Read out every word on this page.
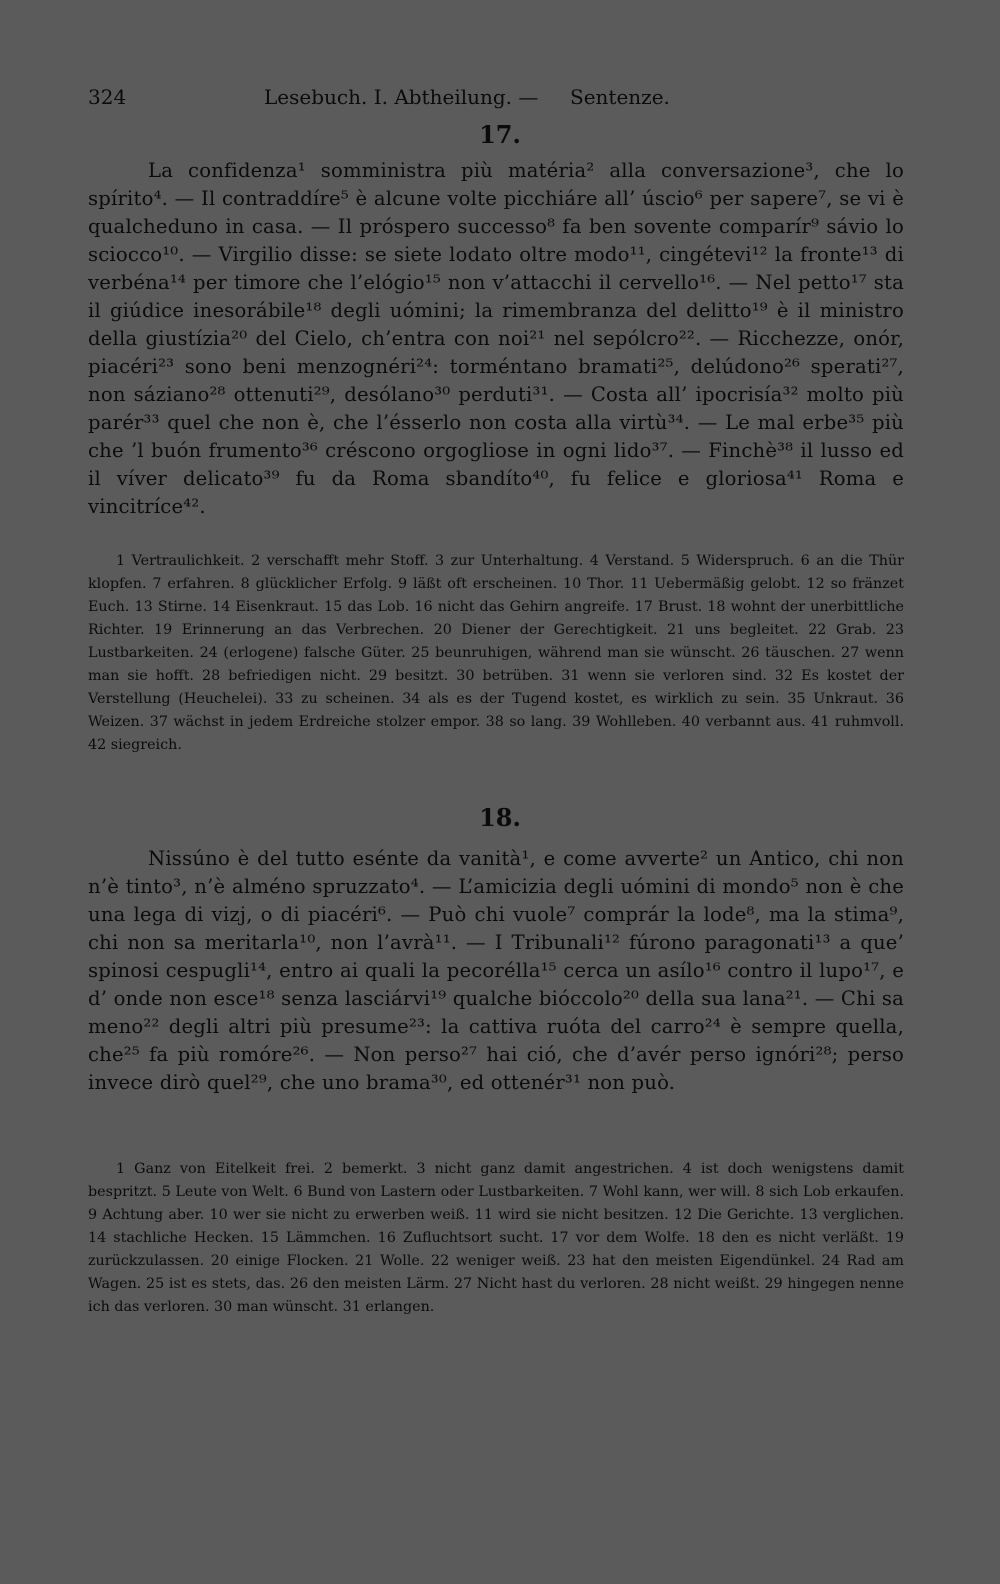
324	Lesebuch. I. Abtheilung. — Sentenze.
17.

La confidenza¹ somministra più matéria² alla conversazione³, che lo spírito⁴. — Il contraddíre⁵ è alcune volte picchiáre all’ úscio⁶ per sapere⁷, se vi è qualcheduno in casa. — Il próspero successo⁸ fa ben sovente comparír⁹ sávio lo sciocco¹⁰. — Virgilio disse: se siete lodato oltre modo¹¹, cingétevi¹² la fronte¹³ di verbéna¹⁴ per timore che l’elógio¹⁵ non v’attacchi il cervello¹⁶. — Nel petto¹⁷ sta il giúdice inesorábile¹⁸ degli uómini; la rimembranza del delitto¹⁹ è il ministro della giustízia²⁰ del Cielo, ch’entra con noi²¹ nel sepólcro²². — Ricchezze, onór, piacéri²³ sono beni menzognéri²⁴: torméntano bramati²⁵, delúdono²⁶ sperati²⁷, non sáziano²⁸ ottenuti²⁹, desólano³⁰ perduti³¹. — Costa all’ ipocrisía³² molto più parér³³ quel che non è, che l’ésserlo non costa alla virtù³⁴. — Le mal erbe³⁵ più che ’l buón frumento³⁶ créscono orgogliose in ogni lido³⁷. — Finchè³⁸ il lusso ed il víver delicato³⁹ fu da Roma sbandíto⁴⁰, fu felice e gloriosa⁴¹ Roma e vincitríce⁴².

1 Vertraulichkeit. 2 verschafft mehr Stoff. 3 zur Unterhaltung. 4 Verstand. 5 Widerspruch. 6 an die Thür klopfen. 7 erfahren. 8 glücklicher Erfolg. 9 läßt oft erscheinen. 10 Thor. 11 Uebermäßig gelobt. 12 so fränzet Euch. 13 Stirne. 14 Eisenkraut. 15 das Lob. 16 nicht das Gehirn angreife. 17 Brust. 18 wohnt der unerbittliche Richter. 19 Erinnerung an das Verbrechen. 20 Diener der Gerechtigkeit. 21 uns begleitet. 22 Grab. 23 Lustbarkeiten. 24 (erlogene) falsche Güter. 25 beunruhigen, während man sie wünscht. 26 täuschen. 27 wenn man sie hofft. 28 befriedigen nicht. 29 besitzt. 30 betrüben. 31 wenn sie verloren sind. 32 Es kostet der Verstellung (Heuchelei). 33 zu scheinen. 34 als es der Tugend kostet, es wirklich zu sein. 35 Unkraut. 36 Weizen. 37 wächst in jedem Erdreiche stolzer empor. 38 so lang. 39 Wohlleben. 40 verbannt aus. 41 ruhmvoll. 42 siegreich.

18.

Nissúno è del tutto esénte da vanità¹, e come avverte² un Antico, chi non n’è tinto³, n’è alméno spruzzato⁴. — L’amicizia degli uómini di mondo⁵ non è che una lega di vizj, o di piacéri⁶. — Può chi vuole⁷ comprár la lode⁸, ma la stima⁹, chi non sa meritarla¹⁰, non l’avrà¹¹. — I Tribunali¹² fúrono paragonati¹³ a que’ spinosi cespugli¹⁴, entro ai quali la pecorélla¹⁵ cerca un asílo¹⁶ contro il lupo¹⁷, e d’ onde non esce¹⁸ senza lasciárvi¹⁹ qualche bióccolo²⁰ della sua lana²¹. — Chi sa meno²² degli altri più presume²³: la cattiva ruóta del carro²⁴ è sempre quella, che²⁵ fa più romóre²⁶. — Non perso²⁷ hai ció, che d’avér perso ignóri²⁸; perso invece dirò quel²⁹, che uno brama³⁰, ed ottenér³¹ non può.

1 Ganz von Eitelkeit frei. 2 bemerkt. 3 nicht ganz damit angestrichen. 4 ist doch wenigstens damit bespritzt. 5 Leute von Welt. 6 Bund von Lastern oder Lustbarkeiten. 7 Wohl kann, wer will. 8 sich Lob erkaufen. 9 Achtung aber. 10 wer sie nicht zu erwerben weiß. 11 wird sie nicht besitzen. 12 Die Gerichte. 13 verglichen. 14 stachliche Hecken. 15 Lämmchen. 16 Zufluchtsort sucht. 17 vor dem Wolfe. 18 den es nicht verläßt. 19 zurückzulassen. 20 einige Flocken. 21 Wolle. 22 weniger weiß. 23 hat den meisten Eigendünkel. 24 Rad am Wagen. 25 ist es stets, das. 26 den meisten Lärm. 27 Nicht hast du verloren. 28 nicht weißt. 29 hingegen nenne ich das verloren. 30 man wünscht. 31 erlangen.
